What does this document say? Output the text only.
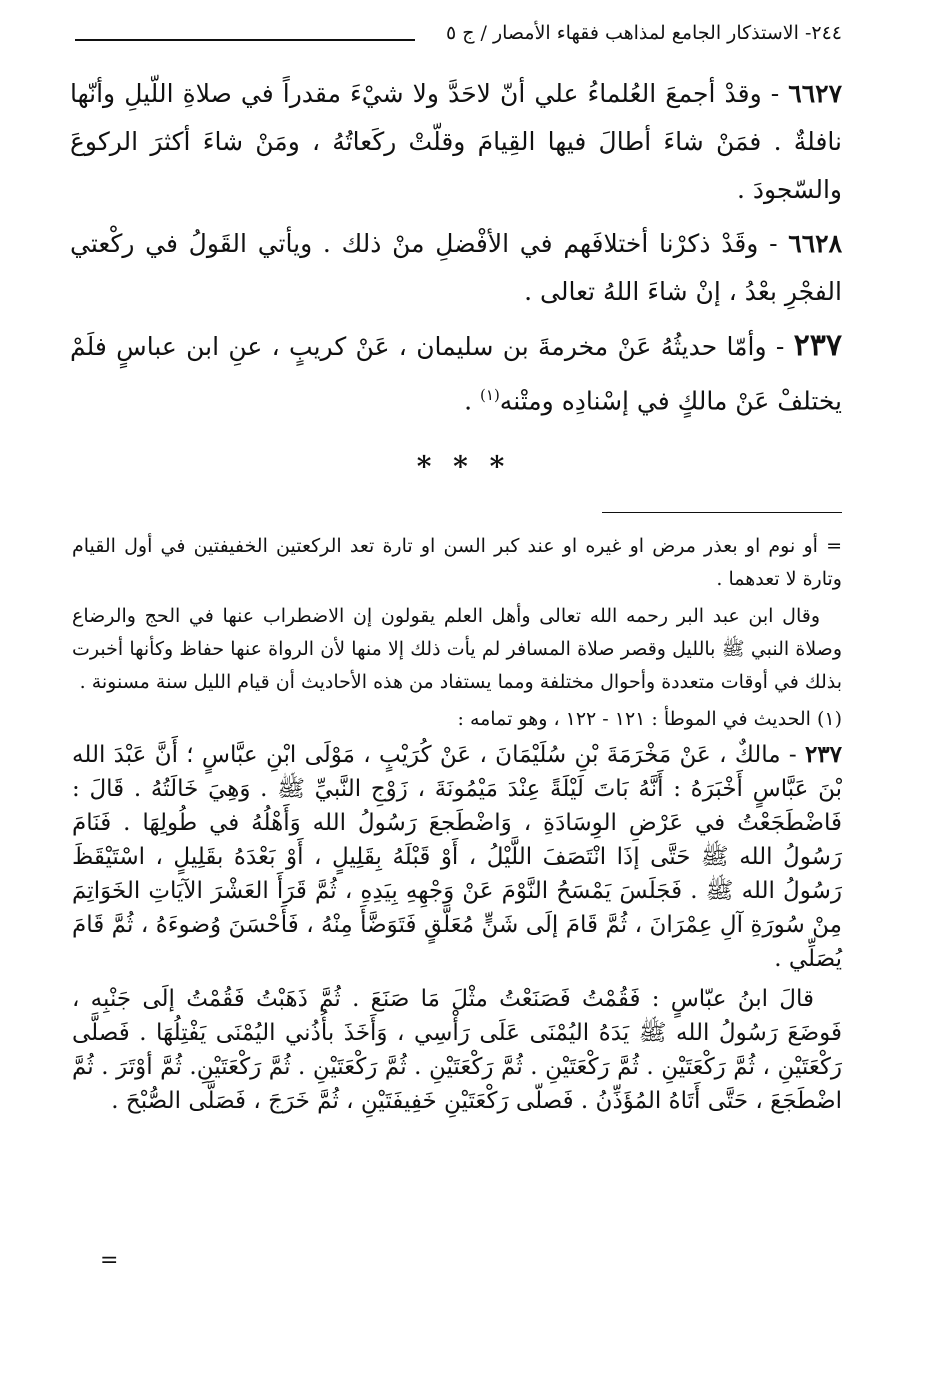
٢٤٤- الاستذكار الجامع لمذاهب فقهاء الأمصار / ج ٥

٦٦٢٧ - وقدْ أجمعَ العُلماءُ علي أنّ لاحَدَّ ولا شيْءَ مقدراً في صلاةِ اللّيلِ وأنّها نافلةٌ . فمَنْ شاءَ أطالَ فيها القِيامَ وقلّتْ ركَعاتُهُ ، ومَنْ شاءَ أكثرَ الركوعَ والسّجودَ .

٦٦٢٨ - وقَدْ ذكرْنا أختلافَهم في الأفْضلِ منْ ذلك . ويأتي القَولُ في ركْعتي الفجْرِ بعْدُ ، إنْ شاءَ اللهُ تعالى .

٢٣٧ - وأمّا حديثُهُ عَنْ مخرمةَ بن سليمان ، عَنْ كريبٍ ، عنِ ابن عباسٍ فلَمْ يختلفْ عَنْ مالكٍ في إسْنادِه ومتْنه$^{(١)}$ .

* * *

= أو نوم او بعذر مرض او غيره او عند كبر السن او تارة تعد الركعتين الخفيفتين في أول القيام وتارة لا تعدهما .

وقال ابن عبد البر رحمه الله تعالى وأهل العلم يقولون إن الاضطراب عنها في الحج والرضاع وصلاة النبي ﷺ بالليل وقصر صلاة المسافر لم يأت ذلك إلا منها لأن الرواة عنها حفاظ وكأنها أخبرت بذلك في أوقات متعددة وأحوال مختلفة ومما يستفاد من هذه الأحاديث أن قيام الليل سنة مسنونة .

(١) الحديث في الموطأ : ١٢١ - ١٢٢ ، وهو تمامه :

٢٣٧ - مالكٌ ، عَنْ مَخْرَمَةَ بْنِ سُلَيْمَانَ ، عَنْ كُرَيْبٍ ، مَوْلَى ابْنِ عبَّاسٍ ؛ أَنَّ عَبْدَ الله بْنَ عَبَّاسٍ أَخْبَرَهُ : أَنَّهُ بَاتَ لَيْلَةً عِنْدَ مَيْمُونَةَ ، زَوْجِ النَّبيِّ ﷺ . وَهِيَ خَالَتُهُ . قَالَ : فَاضْطَجَعْتُ في عَرْضِ الوِسَادَةِ ، وَاضْطَجعَ رَسُولُ الله وَأَهْلُهُ في طُولِهَا . فَنَامَ رَسُولُ الله ﷺ حَتَّى إذَا انْتَصَفَ اللَّيْلُ ، أَوْ قَبْلَهُ بِقَلِيلٍ ، أَوْ بَعْدَهُ بقَلِيلٍ ، اسْتَيْقَظَ رَسُولُ الله ﷺ . فَجَلَسَ يَمْسَحُ النَّوْمَ عَنْ وَجْهِهِ بِيَدِهِ ، ثُمَّ قَرَأَ العَشْرَ الآيَاتِ الخَوَاتِمَ مِنْ سُورَةِ آلِ عِمْرَانَ ، ثُمَّ قَامَ إلَى شَنٍّ مُعَلَّقٍ فَتَوَضَّأَ مِنْهُ ، فَأَحْسَنَ وُضوءَهُ ، ثُمَّ قَامَ يُصَلِّي .

قالَ ابنُ عبّاسٍ : فَقُمْتُ فَصَنَعْتُ مثْلَ مَا صَنَعَ . ثُمَّ ذَهَبْتُ فَقُمْتُ إلَى جَنْبِه ، فَوضَعَ رَسُولُ الله ﷺ يَدَهُ اليُمْنَى عَلَى رَأْسِي ، وَأَخَذَ بأُذُني اليُمْنَى يَفْتِلُهَا . فَصلَّى رَكْعَتَيْنِ ، ثُمَّ رَكْعَتَيْنِ . ثُمَّ رَكْعَتَيْنِ . ثُمَّ رَكْعَتَيْنِ . ثُمَّ رَكْعَتَيْنِ . ثُمَّ رَكْعَتَيْنِ. ثُمَّ أوْتَرَ . ثُمَّ اضْطَجَعَ ، حَتَّى أَتَاهُ المُؤَذِّنُ . فَصلّى رَكْعَتَيْنِ خَفِيفَتَيْنِ ، ثُمَّ خَرَجَ ، فَصَلَّى الصُّبْحَ .

=
